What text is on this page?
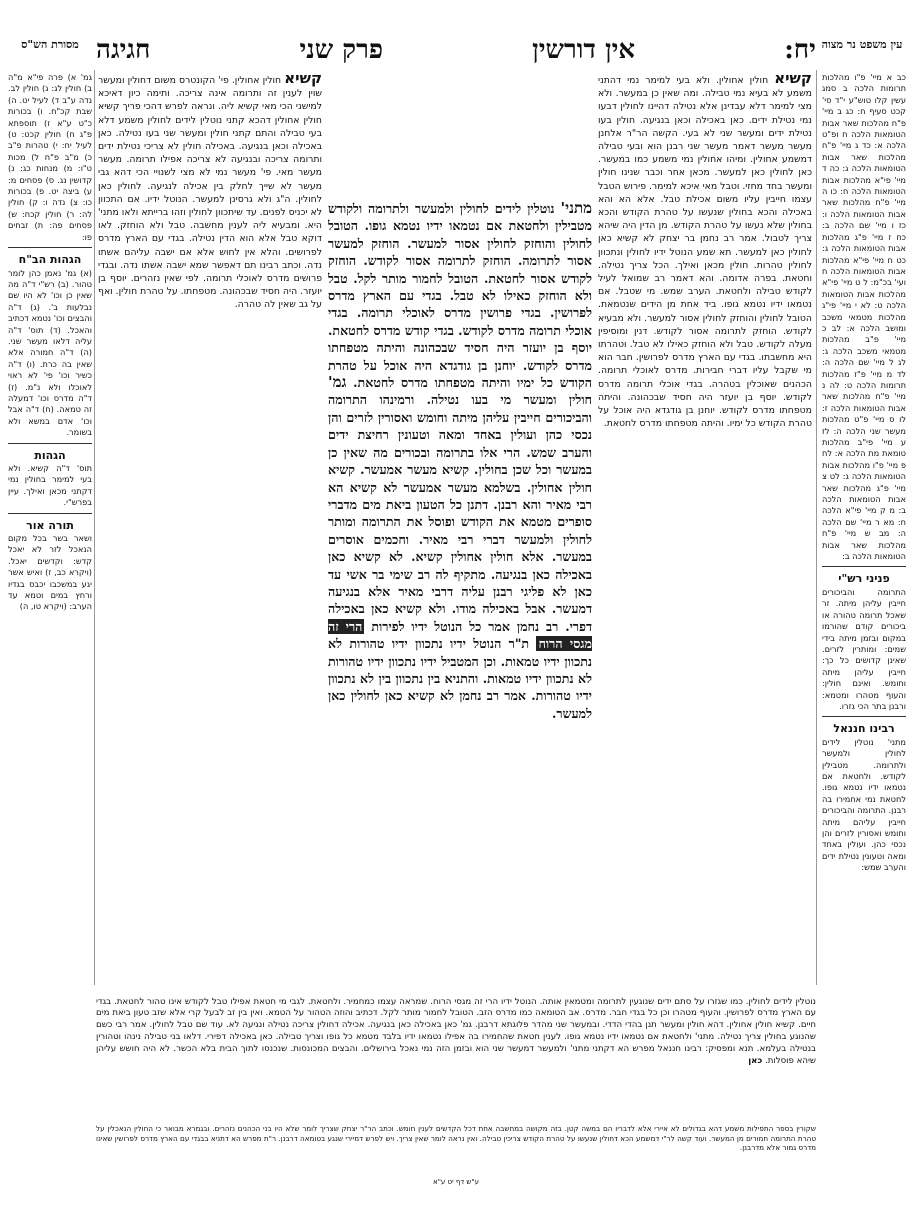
יח:
אין דורשין
פרק שני
חגיגה	עין משפט נר מצוה
מסורת הש"ס

כב א מיי' פ"ו מהלכות תרומות הלכה ב סמג עשין קלו טוש"ע י"ד סי' קכט סעיף ח: כג ב מיי' פ"ח מהלכות שאר אבות הטומאות הלכה ח ופ"ט הלכה א: כד ג מיי' פ"ח מהלכות שאר אבות הטומאות הלכה ג: כה ד מיי' פי"א מהלכות אבות הטומאות הלכה ח: כו ה מיי' פ"ח מהלכות שאר אבות הטומאות הלכה ו: כז ו מיי' שם הלכה ב: כח ז מיי' פ"ג מהלכות אבות הטומאות הלכה ג: כט ח מיי' פי"א מהלכות אבות הטומאות הלכה ח ועי' בכ"מ: ל ט מיי' פי"א מהלכות אבות הטומאות הלכה ט: לא י מיי' פי"ג מהלכות מטמאי משכב ומושב הלכה א: לב כ מיי' פ"ב מהלכות מטמאי משכב הלכה ג: לג ל מיי' שם הלכה ה: לד מ מיי' פ"ז מהלכות תרומות הלכה ט: לה נ מיי' פ"ח מהלכות שאר אבות הטומאות הלכה ז: לו ס מיי' פ"ט מהלכות מעשר שני הלכה ה: לז ע מיי' פי"ב מהלכות טומאת מת הלכה א: לח פ מיי' פ"ו מהלכות אבות הטומאות הלכה ג: לט צ מיי' פ"ג מהלכות שאר אבות הטומאות הלכה ב: מ ק מיי' פי"א הלכה ח: מא ר מיי' שם הלכה ה: מב ש מיי' פ"ח מהלכות שאר אבות הטומאות הלכה ב:

פניני רש"י

התרומה והביכורים חייבין עליהן מיתה. זר שאכל תרומה טהורה או ביכורים קודם שהורמו במקום ובזמן מיתה בידי שמים: ומותרין לזרים. שאינן קדושים כל כך: חייבין עליהן מיתה וחומש. ואינם חולין: והעוף מטהרו ומטמא: ורבנן בתר הכי גזרו.

רבינו חננאל

מתני' נוטלין לידים לחולין ולמעשר ולתרומה. מטבילין לקודש. ולחטאת אם נטמאו ידיו נטמא גופו. לחטאת נמי אחמירו בה רבנן. התרומה והביכורים חייבין עליהם מיתה וחומש ואסורין לזרים והן נכסי כהן. ועולין באחד ומאה וטעונין נטילת ידים והערב שמש:

גמ' א) פרה פי"א מ"ה ב) חולין לג: ג) חולין לב. נדה ע"ב ד) לעיל יט. ה) שבת קכ"ח. ו) בכורות כ"ט ע"א ז) תוספתא פ"ג ח) חולין קכט: ט) לעיל יח: י) טהרות פ"ב כ) מ"ב פ"ח ל) מכות ט"ו: מ) מנחות כג: נ) קדושין נג. ס) פסחים מ: ע) ביצה יט. פ) בכורות כו: צ) נדה ו: ק) חולין לה: ר) חולין קכח: ש) פסחים פה: ת) זבחים פו:

הגהות הב"ח

(א) גמ' נאמן כהן לומר טהור. (ב) רש"י ד"ה מה שאין כן וכו' לא היו שם נבלעות ב'. (ג) ד"ה והבצים וכו' נטמא דכתיב והאכל. (ד) תוס' ד"ה עליה דלאו מעשר שני. (ה) ד"ה חמורה אלא שאין בה כרת. (ו) ד"ה כשיר וכו' פי' לא ראוי לאוכלו ולא נ"מ. (ז) ד"ה מדרס וכו' דמעלה זה טמאה. (ח) ד"ה אבל וכו' אדם במשא ולא בשומר.

הגהות

תוס' ד"ה קשיא. ולא בעי למימר בחולין נמי דקתני מכאן ואילך. עיין בפרש"י.

תורה אור

ושאר בשר בכל מקום הנאכל לזר לא יאכל קדש: וקדשים יאכל. (ויקרא כב, ז) ואיש אשר יגע במשכבו יכבס בגדיו ורחץ במים וטמא עד הערב: (ויקרא טו, ה)

קשיא חולין אחולין. ולא בעי למימר נמי דהתני משמע לא בעיא נמי טבילה. ומה שאין כן במעשר. ולא מצי למימר דלא עבדינן אלא נטילה דהיינו לחולין דבעו נמי נטילת ידים. כאן באכילה וכאן בנגיעה. חולין בעו נטילת ידים ומעשר שני לא בעי. הקשה הר"ר אלחנן מעשר מעשר דאמר מעשר שני רבנן הוא ובעי טבילה דמשמע אחולין. ומיהו אחולין נמי משמע כמו במעשר. כאן לחולין כאן למעשר. מכאן אחר וכבר שנינו חולין ומעשר בחד מחזי. וטבל מאי איכא למימר. פירוש הטבל עצמו חייבין עליו משום אכילת טבל. אלא הא והא באכילה והכא בחולין שנעשו על טהרת הקודש והכא בחולין שלא נעשו על טהרת הקודש. מן הדין היה שיהא צריך לטבול. אמר רב נחמן בר יצחק לא קשיא כאן לחולין כאן למעשר. תא שמע הנוטל ידיו לחולין ונתכוון לחולין טהרות. חולין מכאן ואילך. הכל צריך נטילה. וחטאת. בפרה אדומה. והא דאמר רב שמואל לעיל לקודש טבילה ולחטאת. הערב שמש. מי שטבל. אם נטמאו ידיו נטמא גופו. ביד אחת מן הידים שנטמאת. הטובל לחולין והוחזק לחולין אסור למעשר. ולא מבעיא לקודש. הוחזק לתרומה אסור לקודש. דנין ומוסיפין מעלה לקודש. טבל ולא הוחזק כאילו לא טבל. וטהרתו היא מחשבתו. בגדי עם הארץ מדרס לפרושין. חבר הוא מי שקבל עליו דברי חבירות. מדרס לאוכלי תרומה. הכהנים שאוכלין בטהרה. בגדי אוכלי תרומה מדרס לקודש. יוסף בן יועזר היה חסיד שבכהונה. והיתה מטפחתו מדרס לקודש. יוחנן בן גודגדא היה אוכל על טהרת הקודש כל ימיו. והיתה מטפחתו מדרס לחטאת.

מתני' נוטלין לידים לחולין ולמעשר ולתרומה ולקודש מטבילין ולחטאת אם נטמאו ידיו נטמא גופו. הטובל לחולין והוחזק לחולין אסור למעשר. הוחזק למעשר אסור לתרומה. הוחזק לתרומה אסור לקודש. הוחזק לקודש אסור לחטאת. הטובל לחמור מותר לקל. טבל ולא הוחזק כאילו לא טבל. בגדי עם הארץ מדרס לפרושין. בגדי פרושין מדרס לאוכלי תרומה. בגדי אוכלי תרומה מדרס לקודש. בגדי קודש מדרס לחטאת. יוסף בן יועזר היה חסיד שבכהונה והיתה מטפחתו מדרס לקודש. יוחנן בן גודגדא היה אוכל על טהרת הקודש כל ימיו והיתה מטפחתו מדרס לחטאת. גמ' חולין ומעשר מי בעו נטילה. ורמינהו התרומה והביכורים חייבין עליהן מיתה וחומש ואסורין לזרים והן נכסי כהן ועולין באחד ומאה וטעונין רחיצת ידים והערב שמש. הרי אלו בתרומה ובכורים מה שאין כן במעשר וכל שכן בחולין. קשיא מעשר אמעשר. קשיא חולין אחולין. בשלמא מעשר אמעשר לא קשיא הא רבי מאיר והא רבנן. דתנן כל הטעון ביאת מים מדברי סופרים מטמא את הקודש ופוסל את התרומה ומותר לחולין ולמעשר דברי רבי מאיר. וחכמים אוסרים במעשר. אלא חולין אחולין קשיא. לא קשיא כאן באכילה כאן בנגיעה. מתקיף לה רב שימי בר אשי עד כאן לא פליגי רבנן עליה דרבי מאיר אלא בנגיעה דמעשר. אבל באכילה מודו. ולא קשיא כאן באכילה דפרי. רב נחמן אמר כל הנוטל ידיו לפירות הרי זה מגסי הרוח ת"ר הנוטל ידיו נתכוון ידיו טהורות לא נתכוון ידיו טמאות. וכן המטביל ידיו נתכוון ידיו טהורות לא נתכוון ידיו טמאות. והתניא בין נתכוון בין לא נתכוון ידיו טהורות. אמר רב נחמן לא קשיא כאן לחולין כאן למעשר.

קשיא חולין אחולין. פי' הקונטרס משום דחולין ומעשר שוין לענין זה ותרומה אינה צריכה. ותימה כיון דאיכא למישני הכי מאי קשיא ליה. ונראה לפרש דהכי פריך קשיא חולין אחולין דהכא קתני נוטלין לידים לחולין משמע דלא בעי טבילה והתם קתני חולין ומעשר שני בעו נטילה. כאן באכילה וכאן בנגיעה. באכילה חולין לא צריכי נטילת ידים ותרומה צריכה ובנגיעה לא צריכה אפילו תרומה. מעשר מעשר מאי. פי' מעשר נמי לא מצי לשנויי הכי דהא גבי מעשר לא שייך לחלק בין אכילה לנגיעה. לחולין כאן לחולין. ה"ג ולא גרסינן למעשר. הנוטל ידיו. אם התכוון לא יכניס לפנים. עד שיתכוון לחולין וזהו ברייתא ולאו מתני' היא. ומבעיא ליה לענין מחשבה. טבל ולא הוחזק. לאו דוקא טבל אלא הוא הדין נטילה. בגדי עם הארץ מדרס לפרושים. והלא אין לחוש אלא אם ישבה עליהם אשתו נדה. וכתב רבינו תם דאפשר שמא ישבה אשתו נדה. ובגדי פרושים מדרס לאוכלי תרומה. לפי שאין נזהרים. יוסף בן יועזר. היה חסיד שבכהונה. מטפחתו. על טהרת חולין. ואף על גב שאין לה טהרה.

נוטלין לידים לחולין. כמו שגזרו על סתם ידים שנוגעין לתרומה ומטמאין אותה. הנוטל ידיו הרי זה מגסי הרוח. שמראה עצמו כמחמיר. ולחטאת. לגבי מי חטאת אפילו טבל לקודש אינו טהור לחטאת. בגדי עם הארץ מדרס לפרושין. והעוף מטהרו וכן כל בגדי חבר. מדרס. אב הטומאה כמו מדרס הזב. הטובל לחמור מותר לקל. דכתיב והוזה הטהור על הטמא. ואין בין זב לבעל קרי אלא שזב טעון ביאת מים חיים. קשיא חולין אחולין. דהא חולין ומעשר תנן בהדי הדדי. ובמעשר שני מהדר פלוגתא דרבנן. גמ' כאן באכילה כאן בנגיעה. אכילה דחולין צריכה נטילה ונגיעה לא. עוד שם טבל לחולין. אמר רבי כשם שהנוגע בחולין צריך נטילה. מתני' ולחטאת אם נטמאו ידיו נטמא גופו. לענין חטאת שהחמירו בה אפילו נטמאו ידיו בלבד מטמא כל גופו וצריך טבילה. כאן באכילה דפירי. דלאו בני טבילה נינהו וטהורין בנטילה בעלמא. תנא ומפסיק: רבינו חננאל מפרש הא דקתני מתני' ולמעשר דמעשר שני הוא ובזמן הזה נמי נאכל בירושלים. והבצים המכונסות. שנכנסו לתוך הבית בלא הכשר. לא היה חושש עליהן שיהא פוסלות. כאן

שקורין בספר התפילות משמע דהא בגדולים לא איירי אלא לדבריו הם במשה קטן. בזה מקושה במחשבה אחת דכל הקדשים לענין חומש. וכתב הר"ר יצחק שצריך לומר שלא היו בני הכהנים נזהרים. ובגמרא מבואר כי החולין הנאכלין על טהרת התרומה חמורים מן המעשר. ועוד קשה לר"י דמשמע הכא דחולין שנעשו על טהרת הקודש צריכין טבילה. ואין נראה לומר שאין צריך. ויש לפרש דמיירי שנגע בטומאה דרבנן. ר"ת מפרש הא דתניא בבגדי עם הארץ מדרס לפרושין שאינו מדרס גמור אלא מדרבנן.
ע"ש דף יט ע"א
